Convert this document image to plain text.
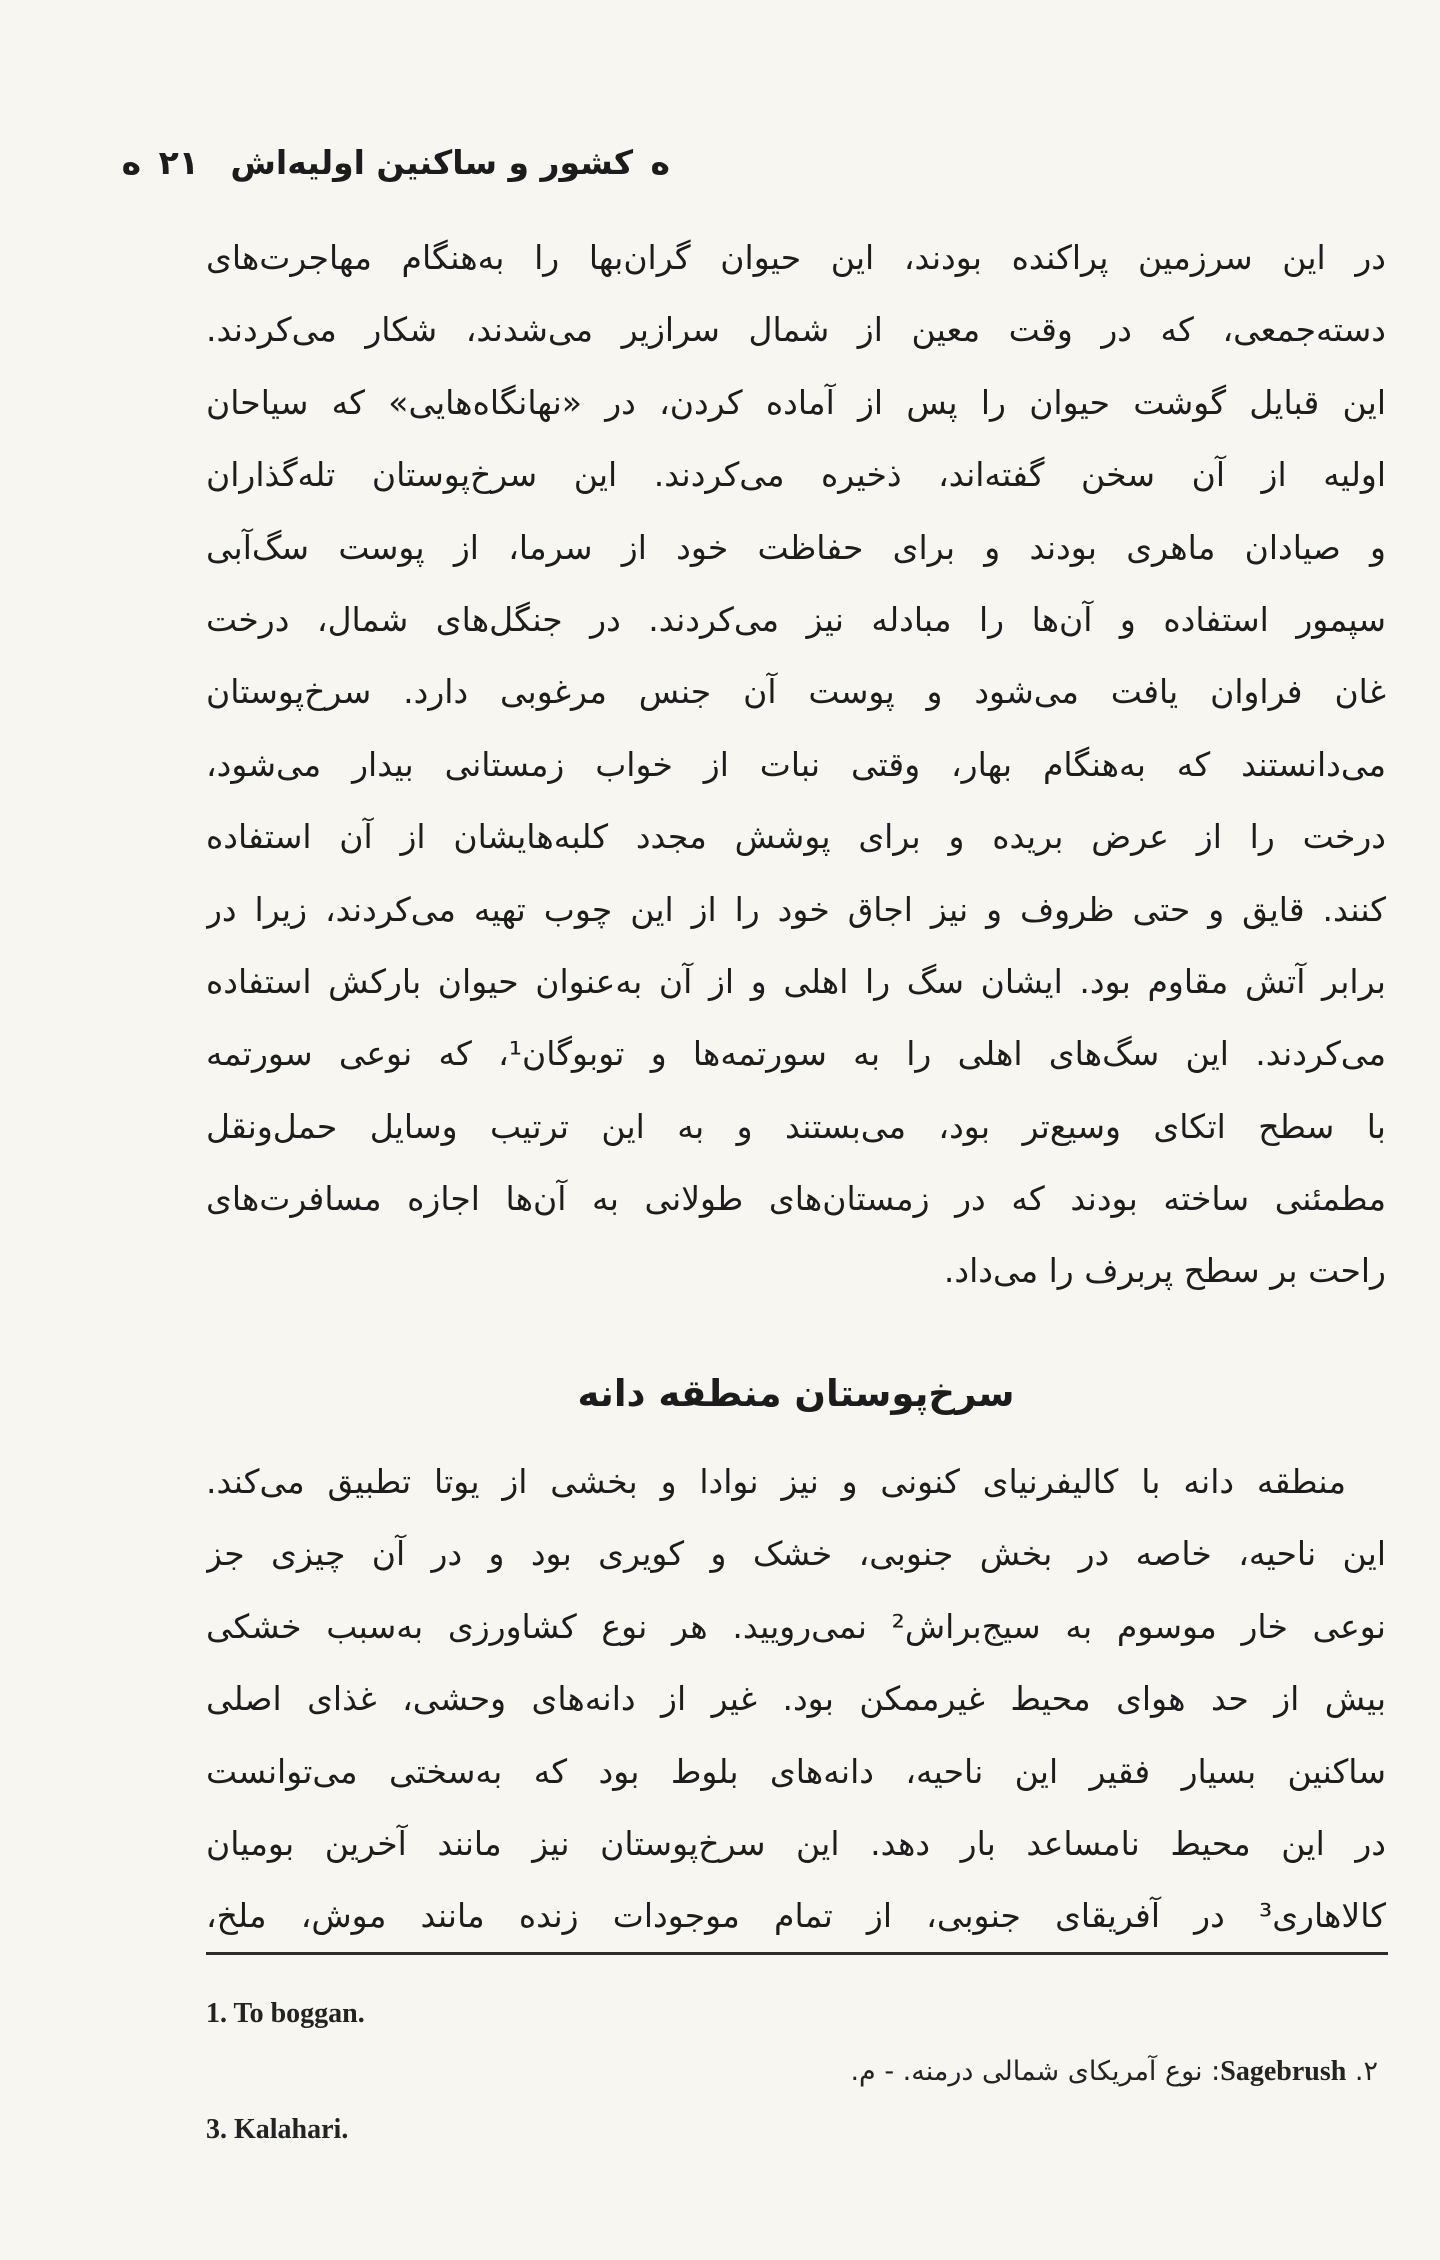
ه کشور و ساکنین اولیه‌اش ۲۱ ه
در این سرزمین پراکنده بودند، این حیوان گران‌بها را به‌هنگام مهاجرت‌های
دسته‌جمعی، که در وقت معین از شمال سرازیر می‌شدند، شکار می‌کردند.
این قبایل گوشت حیوان را پس از آماده کردن، در «نهانگاه‌هایی» که سیاحان
اولیه از آن سخن گفته‌اند، ذخیره می‌کردند. این سرخ‌پوستان تله‌گذاران
و صیادان ماهری بودند و برای حفاظت خود از سرما، از پوست سگ‌آبی
سپمور استفاده و آن‌ها را مبادله نیز می‌کردند. در جنگل‌های شمال، درخت
غان فراوان یافت می‌شود و پوست آن جنس مرغوبی دارد. سرخ‌پوستان
می‌دانستند که به‌هنگام بهار، وقتی نبات از خواب زمستانی بیدار می‌شود،
درخت را از عرض بریده و برای پوشش مجدد کلبه‌هایشان از آن استفاده
کنند. قایق و حتی ظروف و نیز اجاق خود را از این چوب تهیه می‌کردند، زیرا در
برابر آتش مقاوم بود. ایشان سگ را اهلی و از آن به‌عنوان حیوان بارکش استفاده
می‌کردند. این سگ‌های اهلی را به سورتمه‌ها و توبوگان¹، که نوعی سورتمه
با سطح اتکای وسیع‌تر بود، می‌بستند و به این ترتیب وسایل حمل‌ونقل
مطمئنی ساخته بودند که در زمستان‌های طولانی به آن‌ها اجازه مسافرت‌های
راحت بر سطح پربرف را می‌داد.
سرخ‌پوستان منطقه دانه
منطقه دانه با کالیفرنیای کنونی و نیز نوادا و بخشی از یوتا تطبیق می‌کند.
این ناحیه، خاصه در بخش جنوبی، خشک و کویری بود و در آن چیزی جز
نوعی خار موسوم به سیج‌براش² نمی‌رویید. هر نوع کشاورزی به‌سبب خشکی
بیش از حد هوای محیط غیرممکن بود. غیر از دانه‌های وحشی، غذای اصلی
ساکنین بسیار فقیر این ناحیه، دانه‌های بلوط بود که به‌سختی می‌توانست
در این محیط نامساعد بار دهد. این سرخ‌پوستان نیز مانند آخرین بومیان
کالاهاری³ در آفریقای جنوبی، از تمام موجودات زنده مانند موش، ملخ،
1. To boggan.
۲. Sagebrush: نوع آمریکای شمالی درمنه. - م.
3. Kalahari.
